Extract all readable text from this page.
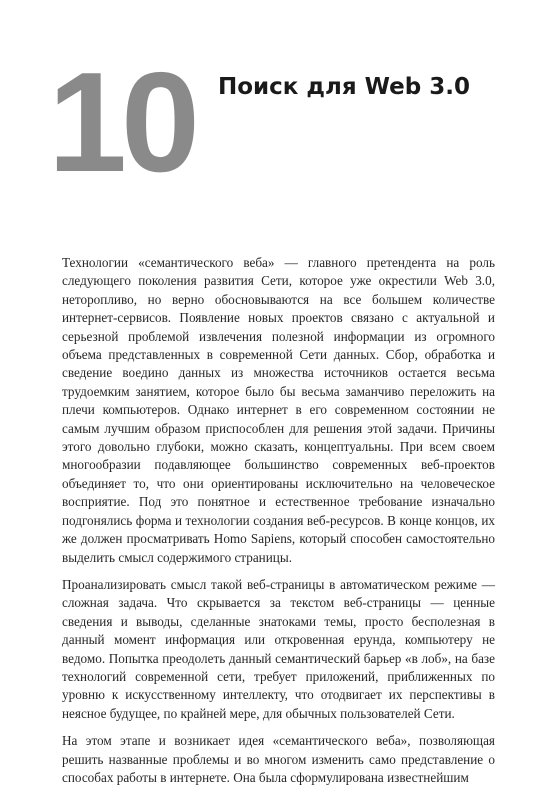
10 Поиск для Web 3.0

Технологии «семантического веба» — главного претендента на роль следующего поколения развития Сети, которое уже окрестили Web 3.0, неторопливо, но верно обосновываются на все большем количестве интернет-сервисов. Появление новых проектов связано с актуальной и серьезной проблемой извлечения полезной информации из огромного объема представленных в современной Сети данных. Сбор, обработка и сведение воедино данных из множества источников остается весьма трудоемким занятием, которое было бы весьма заманчиво переложить на плечи компьютеров. Однако интернет в его современном состоянии не самым лучшим образом приспособлен для решения этой задачи. Причины этого довольно глубоки, можно сказать, концептуальны. При всем своем многообразии подавляющее большинство современных веб-проектов объединяет то, что они ориентированы исключительно на человеческое восприятие. Под это понятное и естественное требование изначально подгонялись форма и технологии создания веб-ресурсов. В конце концов, их же должен просматривать Homo Sapiens, который способен самостоятельно выделить смысл содержимого страницы.

Проанализировать смысл такой веб-страницы в автоматическом режиме — сложная задача. Что скрывается за текстом веб-страницы — ценные сведения и выводы, сделанные знатоками темы, просто бесполезная в данный момент информация или откровенная ерунда, компьютеру не ведомо. Попытка преодолеть данный семантический барьер «в лоб», на базе технологий современной сети, требует приложений, приближенных по уровню к искусственному интеллекту, что отодвигает их перспективы в неясное будущее, по крайней мере, для обычных пользователей Сети.

На этом этапе и возникает идея «семантического веба», позволяющая решить названные проблемы и во многом изменить само представление о способах работы в интернете. Она была сформулирована известнейшим
